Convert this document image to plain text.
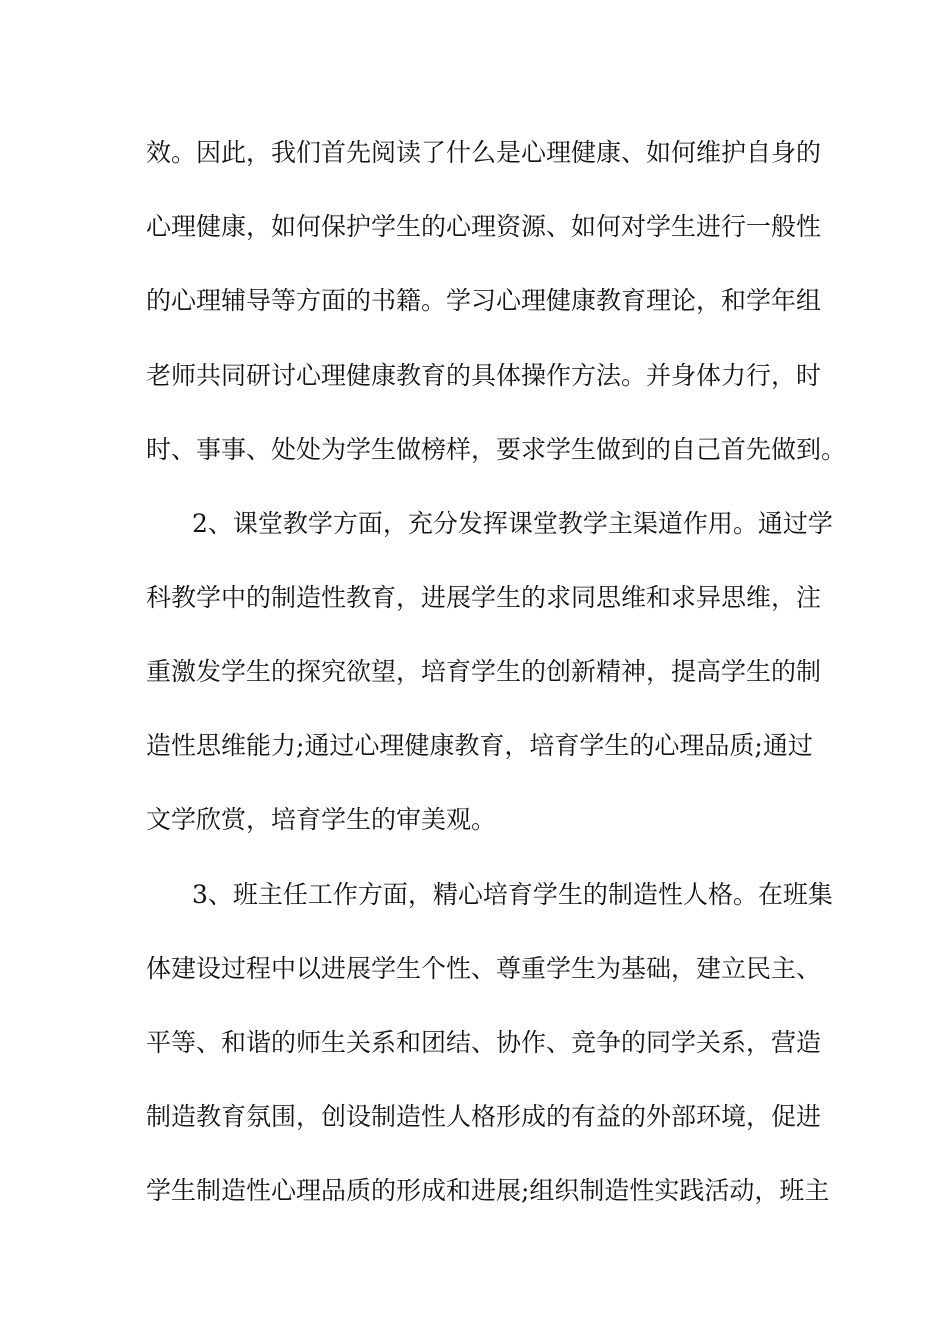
效。因此，我们首先阅读了什么是心理健康、如何维护自身的
心理健康，如何保护学生的心理资源、如何对学生进行一般性
的心理辅导等方面的书籍。学习心理健康教育理论，和学年组
老师共同研讨心理健康教育的具体操作方法。并身体力行，时
时、事事、处处为学生做榜样，要求学生做到的自己首先做到。
2、课堂教学方面，充分发挥课堂教学主渠道作用。通过学
科教学中的制造性教育，进展学生的求同思维和求异思维，注
重激发学生的探究欲望，培育学生的创新精神，提高学生的制
造性思维能力;通过心理健康教育，培育学生的心理品质;通过
文学欣赏，培育学生的审美观。
3、班主任工作方面，精心培育学生的制造性人格。在班集
体建设过程中以进展学生个性、尊重学生为基础，建立民主、
平等、和谐的师生关系和团结、协作、竞争的同学关系，营造
制造教育氛围，创设制造性人格形成的有益的外部环境，促进
学生制造性心理品质的形成和进展;组织制造性实践活动，班主
